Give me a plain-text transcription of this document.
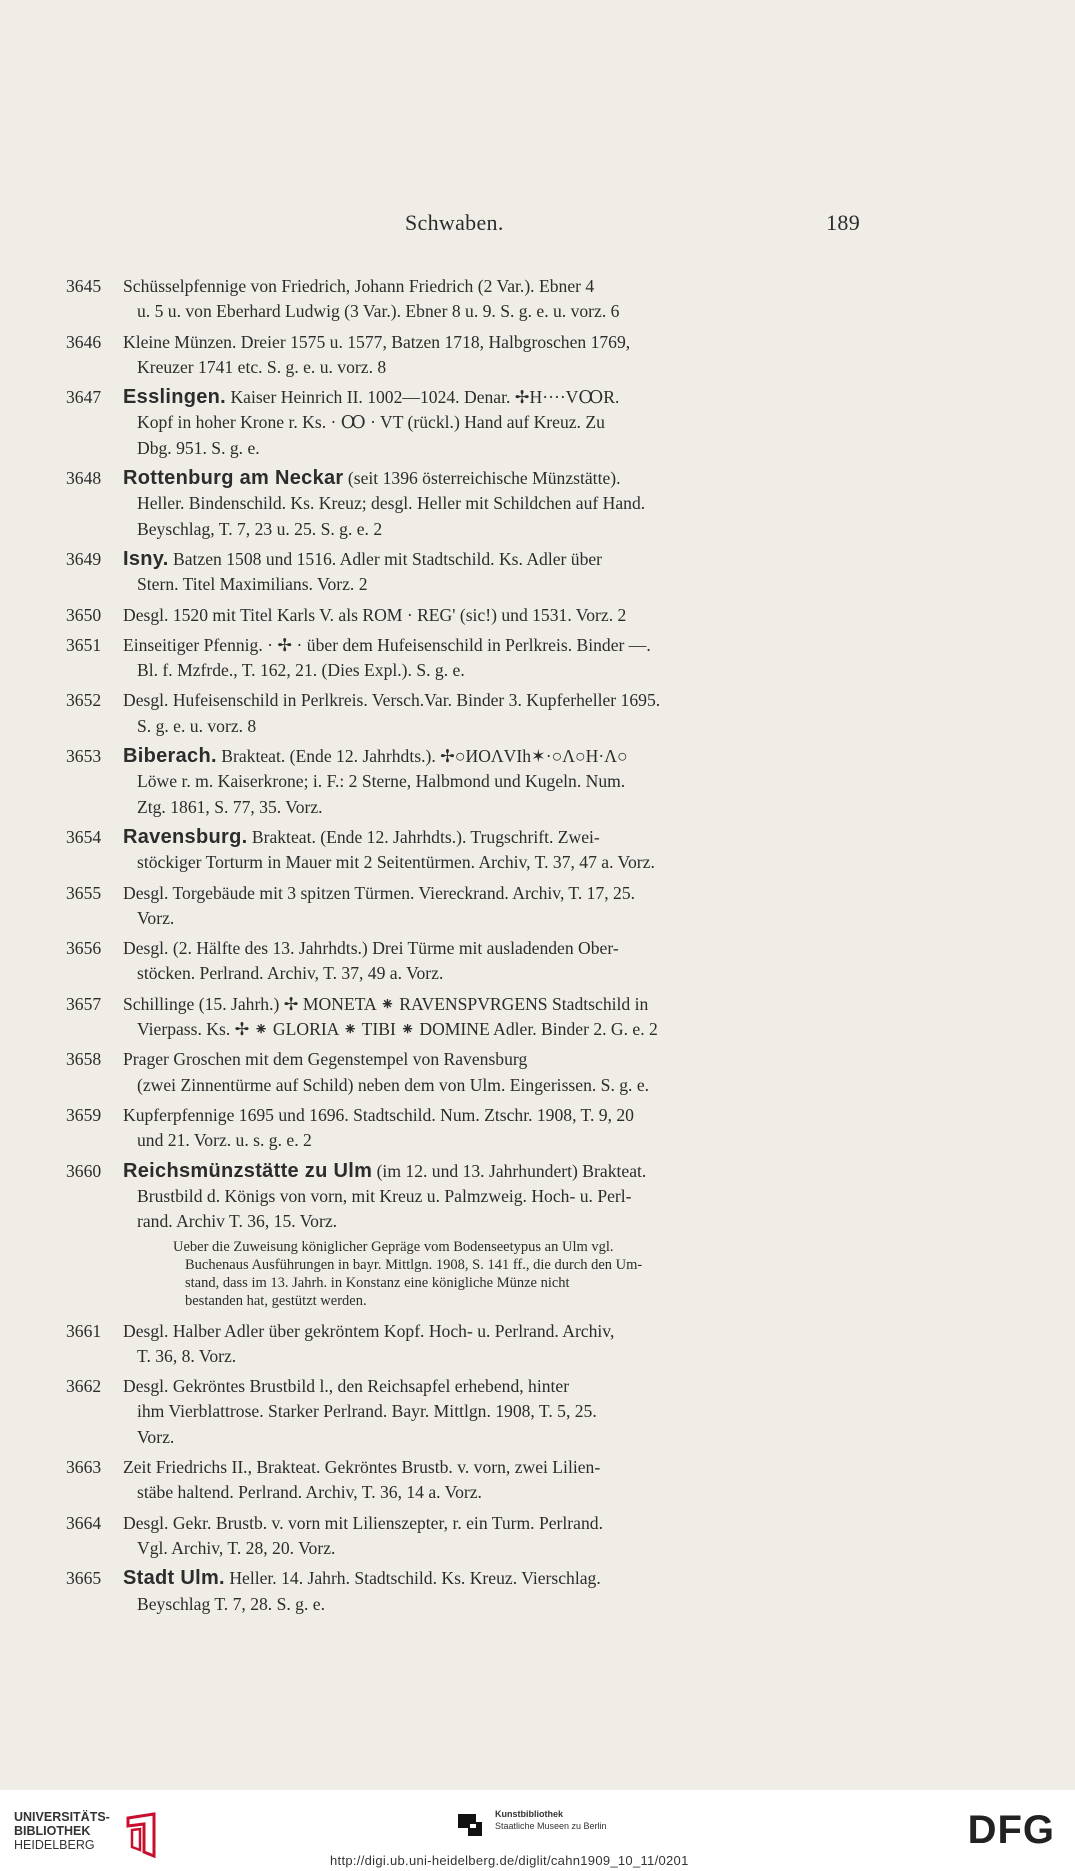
Schwaben.	189
3645	Schüsselpfennige von Friedrich, Johann Friedrich (2 Var.). Ebner 4
u. 5 u. von Eberhard Ludwig (3 Var.). Ebner 8 u. 9. S. g. e. u. vorz. 6
3646	Kleine Münzen. Dreier 1575 u. 1577, Batzen 1718, Halbgroschen 1769,
Kreuzer 1741 etc. S. g. e. u. vorz. 8
3647	Esslingen. Kaiser Heinrich II. 1002—1024. Denar. ✢H····VꝎR.
Kopf in hoher Krone r. Ks. · Ꝏ · VT (rückl.) Hand auf Kreuz. Zu
Dbg. 951. S. g. e.
3648	Rottenburg am Neckar (seit 1396 österreichische Münzstätte).
Heller. Bindenschild. Ks. Kreuz; desgl. Heller mit Schildchen auf Hand.
Beyschlag, T. 7, 23 u. 25. S. g. e. 2
3649	Isny. Batzen 1508 und 1516. Adler mit Stadtschild. Ks. Adler über
Stern. Titel Maximilians. Vorz. 2
3650	Desgl. 1520 mit Titel Karls V. als ROM · REG' (sic!) und 1531. Vorz. 2
3651	Einseitiger Pfennig. · ✢ · über dem Hufeisenschild in Perlkreis. Binder —.
Bl. f. Mzfrde., T. 162, 21. (Dies Expl.). S. g. e.
3652	Desgl. Hufeisenschild in Perlkreis. Versch.Var. Binder 3. Kupferheller 1695.
S. g. e. u. vorz. 8
3653	Biberach. Brakteat. (Ende 12. Jahrhdts.). ✢○ИOΛVIh✶·○Λ○H·Λ○
Löwe r. m. Kaiserkrone; i. F.: 2 Sterne, Halbmond und Kugeln. Num.
Ztg. 1861, S. 77, 35. Vorz.
3654	Ravensburg. Brakteat. (Ende 12. Jahrhdts.). Trugschrift. Zwei-
stöckiger Torturm in Mauer mit 2 Seitentürmen. Archiv, T. 37, 47 a. Vorz.
3655	Desgl. Torgebäude mit 3 spitzen Türmen. Viereckrand. Archiv, T. 17, 25.
Vorz.
3656	Desgl. (2. Hälfte des 13. Jahrhdts.) Drei Türme mit ausladenden Ober-
stöcken. Perlrand. Archiv, T. 37, 49 a. Vorz.
3657	Schillinge (15. Jahrh.) ✢ MONETA ⁕ RAVENSPVRGENS Stadtschild in
Vierpass. Ks. ✢ ⁕ GLORIA ⁕ TIBI ⁕ DOMINE Adler. Binder 2. G. e. 2
3658	Prager Groschen mit dem Gegenstempel von Ravensburg
(zwei Zinnentürme auf Schild) neben dem von Ulm. Eingerissen. S. g. e.
3659	Kupferpfennige 1695 und 1696. Stadtschild. Num. Ztschr. 1908, T. 9, 20
und 21. Vorz. u. s. g. e. 2
3660	Reichsmünzstätte zu Ulm (im 12. und 13. Jahrhundert) Brakteat.
Brustbild d. Königs von vorn, mit Kreuz u. Palmzweig. Hoch- u. Perl-
rand. Archiv T. 36, 15. Vorz.
Ueber die Zuweisung königlicher Gepräge vom Bodenseetypus an Ulm vgl.
Buchenaus Ausführungen in bayr. Mittlgn. 1908, S. 141 ff., die durch den Um-
stand, dass im 13. Jahrh. in Konstanz eine königliche Münze nicht
bestanden hat, gestützt werden.
3661	Desgl. Halber Adler über gekröntem Kopf. Hoch- u. Perlrand. Archiv,
T. 36, 8. Vorz.
3662	Desgl. Gekröntes Brustbild l., den Reichsapfel erhebend, hinter
ihm Vierblattrose. Starker Perlrand. Bayr. Mittlgn. 1908, T. 5, 25.
Vorz.
3663	Zeit Friedrichs II., Brakteat. Gekröntes Brustb. v. vorn, zwei Lilien-
stäbe haltend. Perlrand. Archiv, T. 36, 14 a. Vorz.
3664	Desgl. Gekr. Brustb. v. vorn mit Lilienszepter, r. ein Turm. Perlrand.
Vgl. Archiv, T. 28, 20. Vorz.
3665	Stadt Ulm. Heller. 14. Jahrh. Stadtschild. Ks. Kreuz. Vierschlag.
Beyschlag T. 7, 28. S. g. e.
UNIVERSITÄTS-
BIBLIOTHEK
HEIDELBERG
Kunstbibliothek
Staatliche Museen zu Berlin	DFG
http://digi.ub.uni-heidelberg.de/diglit/cahn1909_10_11/0201
